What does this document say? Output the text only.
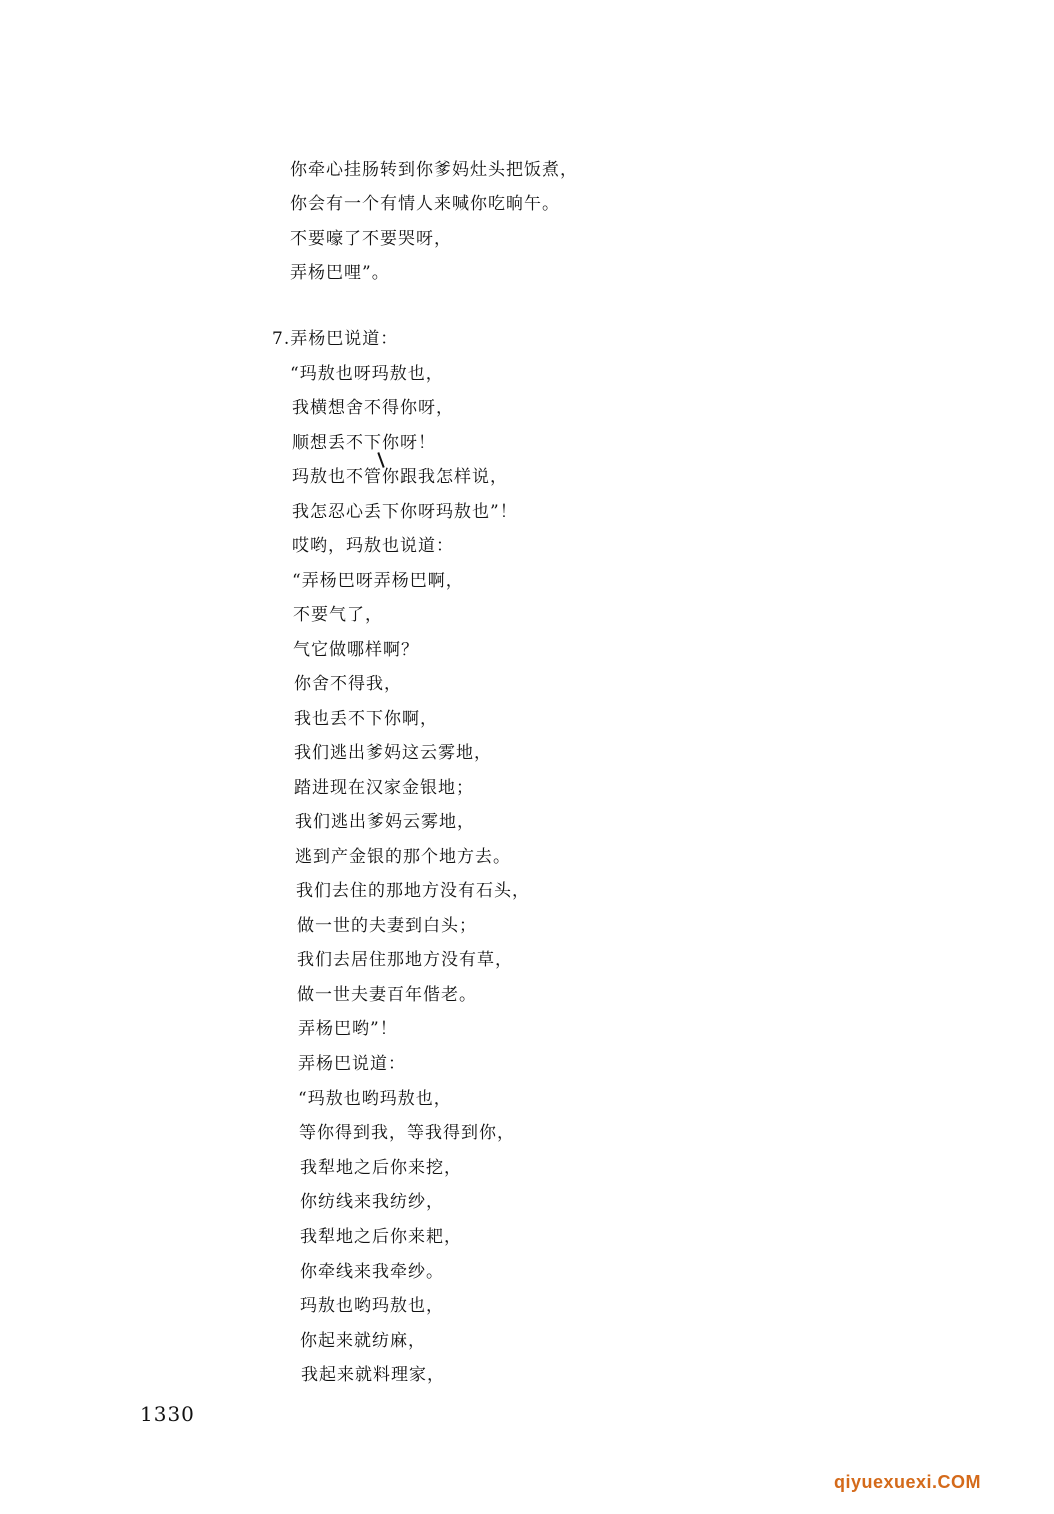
你牵心挂肠转到你爹妈灶头把饭煮，
你会有一个有情人来喊你吃晌午。
不要嚎了不要哭呀，
弄杨巴哩”。
7.弄杨巴说道：
“玛敖也呀玛敖也，
我横想舍不得你呀，
顺想丢不下你呀！
玛敖也不管你跟我怎样说，
我怎忍心丢下你呀玛敖也”！
哎哟，玛敖也说道：
“弄杨巴呀弄杨巴啊，
不要气了，
气它做哪样啊？
你舍不得我，
我也丢不下你啊，
我们逃出爹妈这云雾地，
踏进现在汉家金银地；
我们逃出爹妈云雾地，
逃到产金银的那个地方去。
我们去住的那地方没有石头，
做一世的夫妻到白头；
我们去居住那地方没有草，
做一世夫妻百年偕老。
弄杨巴哟”！
弄杨巴说道：
“玛敖也哟玛敖也，
等你得到我，等我得到你，
我犁地之后你来挖，
你纺线来我纺纱，
我犁地之后你来耙，
你牵线来我牵纱。
玛敖也哟玛敖也，
你起来就纺麻，
我起来就料理家，
1330
qiyuexuexi.COM
